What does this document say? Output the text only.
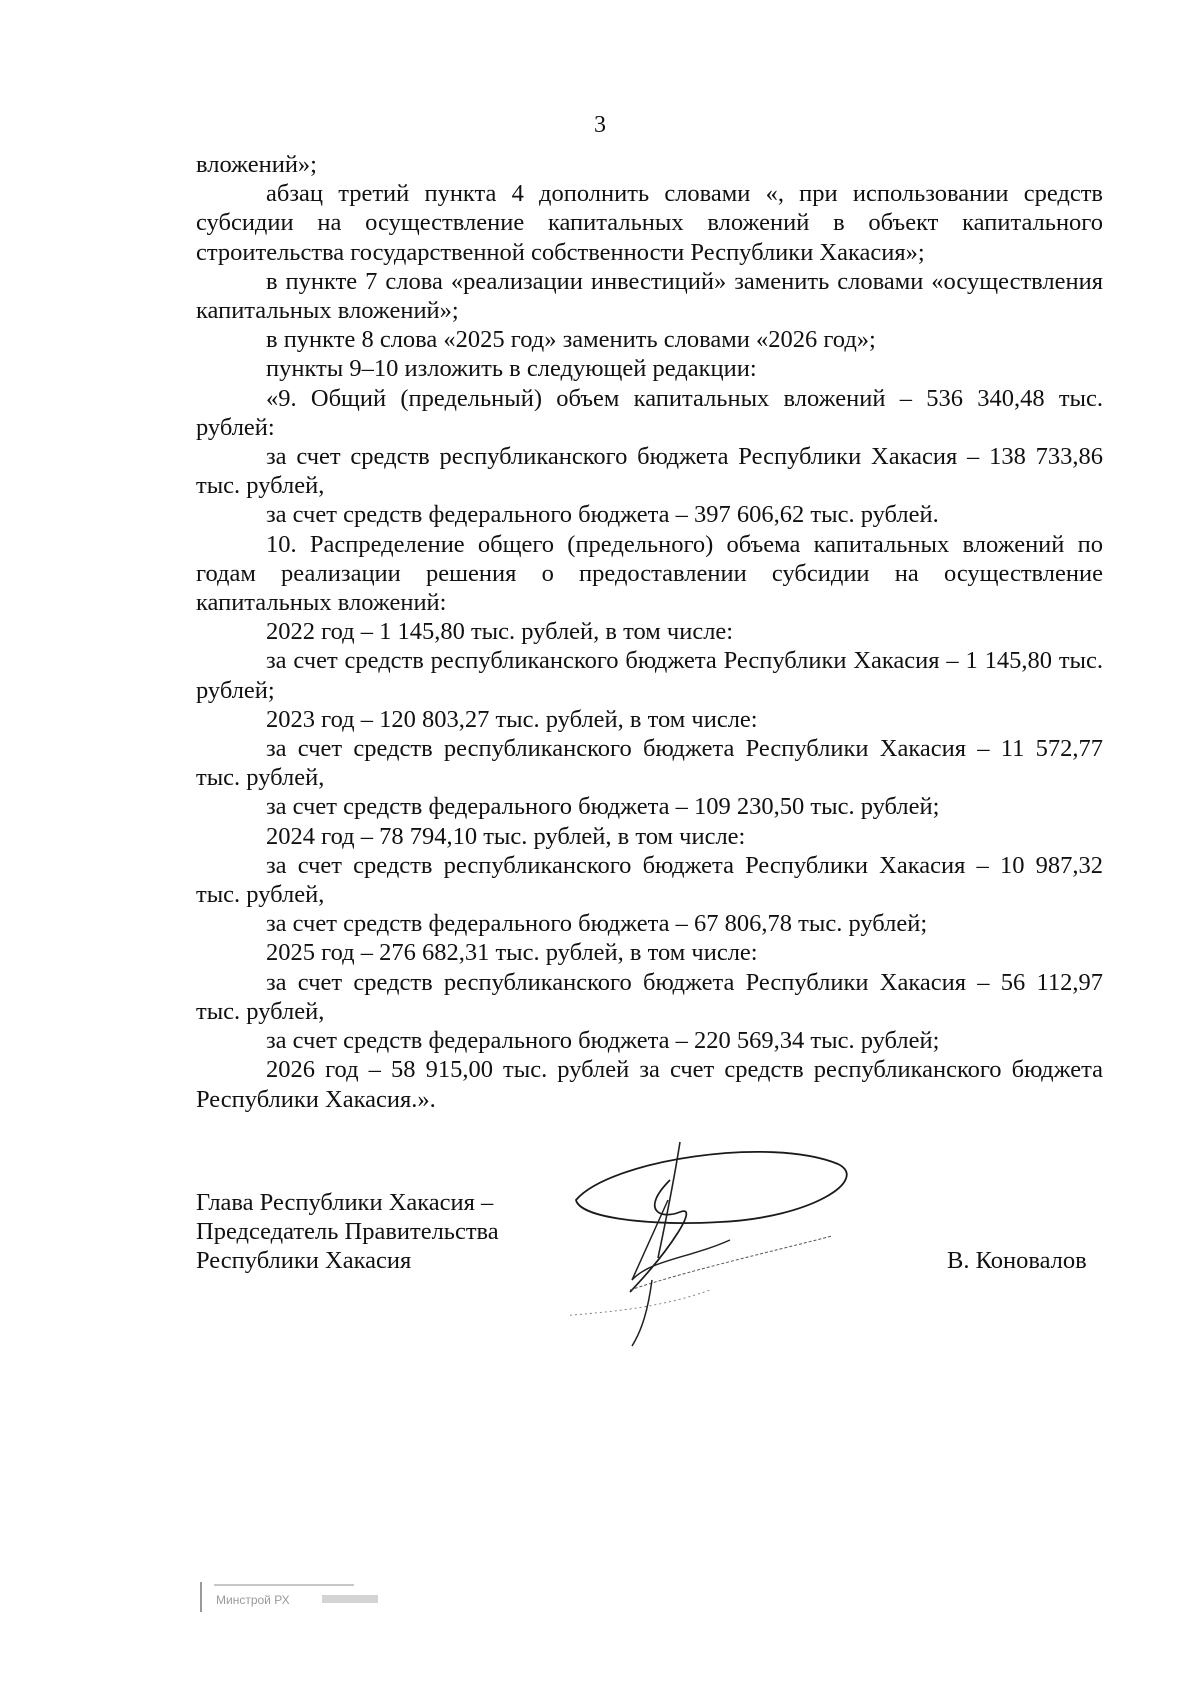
3

вложений»;

абзац третий пункта 4 дополнить словами «, при использовании средств субсидии на осуществление капитальных вложений в объект капитального строительства государственной собственности Республики Хакасия»;

в пункте 7 слова «реализации инвестиций» заменить словами «осуществления капитальных вложений»;

в пункте 8 слова «2025 год» заменить словами «2026 год»;

пункты 9–10 изложить в следующей редакции:

«9. Общий (предельный) объем капитальных вложений – 536 340,48 тыс. рублей:

за счет средств республиканского бюджета Республики Хакасия – 138 733,86 тыс. рублей,

за счет средств федерального бюджета – 397 606,62 тыс. рублей.

10. Распределение общего (предельного) объема капитальных вложений по годам реализации решения о предоставлении субсидии на осуществление капитальных вложений:

2022 год – 1 145,80 тыс. рублей, в том числе:

за счет средств республиканского бюджета Республики Хакасия – 1 145,80 тыс. рублей;

2023 год – 120 803,27 тыс. рублей, в том числе:

за счет средств республиканского бюджета Республики Хакасия – 11 572,77 тыс. рублей,

за счет средств федерального бюджета – 109 230,50 тыс. рублей;

2024 год – 78 794,10 тыс. рублей, в том числе:

за счет средств республиканского бюджета Республики Хакасия – 10 987,32 тыс. рублей,

за счет средств федерального бюджета – 67 806,78 тыс. рублей;

2025 год – 276 682,31 тыс. рублей, в том числе:

за счет средств республиканского бюджета Республики Хакасия – 56 112,97 тыс. рублей,

за счет средств федерального бюджета – 220 569,34 тыс. рублей;

2026 год – 58 915,00 тыс. рублей за счет средств республиканского бюджета Республики Хакасия.».

Глава Республики Хакасия –
Председатель Правительства
Республики Хакасия	В. Коновалов
Минстрой РХ
